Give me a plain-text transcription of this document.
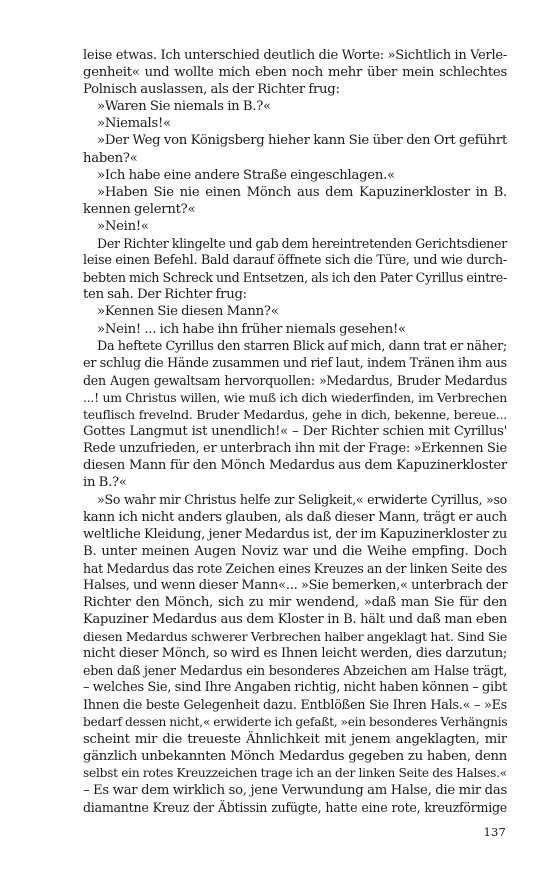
leise etwas. Ich unterschied deutlich die Worte: »Sichtlich in Verle-
genheit« und wollte mich eben noch mehr über mein schlechtes
Polnisch auslassen, als der Richter frug:
»Waren Sie niemals in B.?«
»Niemals!«
»Der Weg von Königsberg hieher kann Sie über den Ort geführt
haben?«
»Ich habe eine andere Straße eingeschlagen.«
»Haben Sie nie einen Mönch aus dem Kapuzinerkloster in B.
kennen gelernt?«
»Nein!«
Der Richter klingelte und gab dem hereintretenden Gerichtsdiener
leise einen Befehl. Bald darauf öffnete sich die Türe, und wie durch-
bebten mich Schreck und Entsetzen, als ich den Pater Cyrillus eintre-
ten sah. Der Richter frug:
»Kennen Sie diesen Mann?«
»Nein! ... ich habe ihn früher niemals gesehen!«
Da heftete Cyrillus den starren Blick auf mich, dann trat er näher;
er schlug die Hände zusammen und rief laut, indem Tränen ihm aus
den Augen gewaltsam hervorquollen: »Medardus, Bruder Medardus
...! um Christus willen, wie muß ich dich wiederfinden, im Verbrechen
teuflisch frevelnd. Bruder Medardus, gehe in dich, bekenne, bereue...
Gottes Langmut ist unendlich!« – Der Richter schien mit Cyrillus'
Rede unzufrieden, er unterbrach ihn mit der Frage: »Erkennen Sie
diesen Mann für den Mönch Medardus aus dem Kapuzinerkloster
in B.?«
»So wahr mir Christus helfe zur Seligkeit,« erwiderte Cyrillus, »so
kann ich nicht anders glauben, als daß dieser Mann, trägt er auch
weltliche Kleidung, jener Medardus ist, der im Kapuzinerkloster zu
B. unter meinen Augen Noviz war und die Weihe empfing. Doch
hat Medardus das rote Zeichen eines Kreuzes an der linken Seite des
Halses, und wenn dieser Mann«... »Sie bemerken,« unterbrach der
Richter den Mönch, sich zu mir wendend, »daß man Sie für den
Kapuziner Medardus aus dem Kloster in B. hält und daß man eben
diesen Medardus schwerer Verbrechen halber angeklagt hat. Sind Sie
nicht dieser Mönch, so wird es Ihnen leicht werden, dies darzutun;
eben daß jener Medardus ein besonderes Abzeichen am Halse trägt,
– welches Sie, sind Ihre Angaben richtig, nicht haben können – gibt
Ihnen die beste Gelegenheit dazu. Entblößen Sie Ihren Hals.« – »Es
bedarf dessen nicht,« erwiderte ich gefaßt, »ein besonderes Verhängnis
scheint mir die treueste Ähnlichkeit mit jenem angeklagten, mir
gänzlich unbekannten Mönch Medardus gegeben zu haben, denn
selbst ein rotes Kreuzzeichen trage ich an der linken Seite des Halses.«
– Es war dem wirklich so, jene Verwundung am Halse, die mir das
diamantne Kreuz der Äbtissin zufügte, hatte eine rote, kreuzförmige
137
